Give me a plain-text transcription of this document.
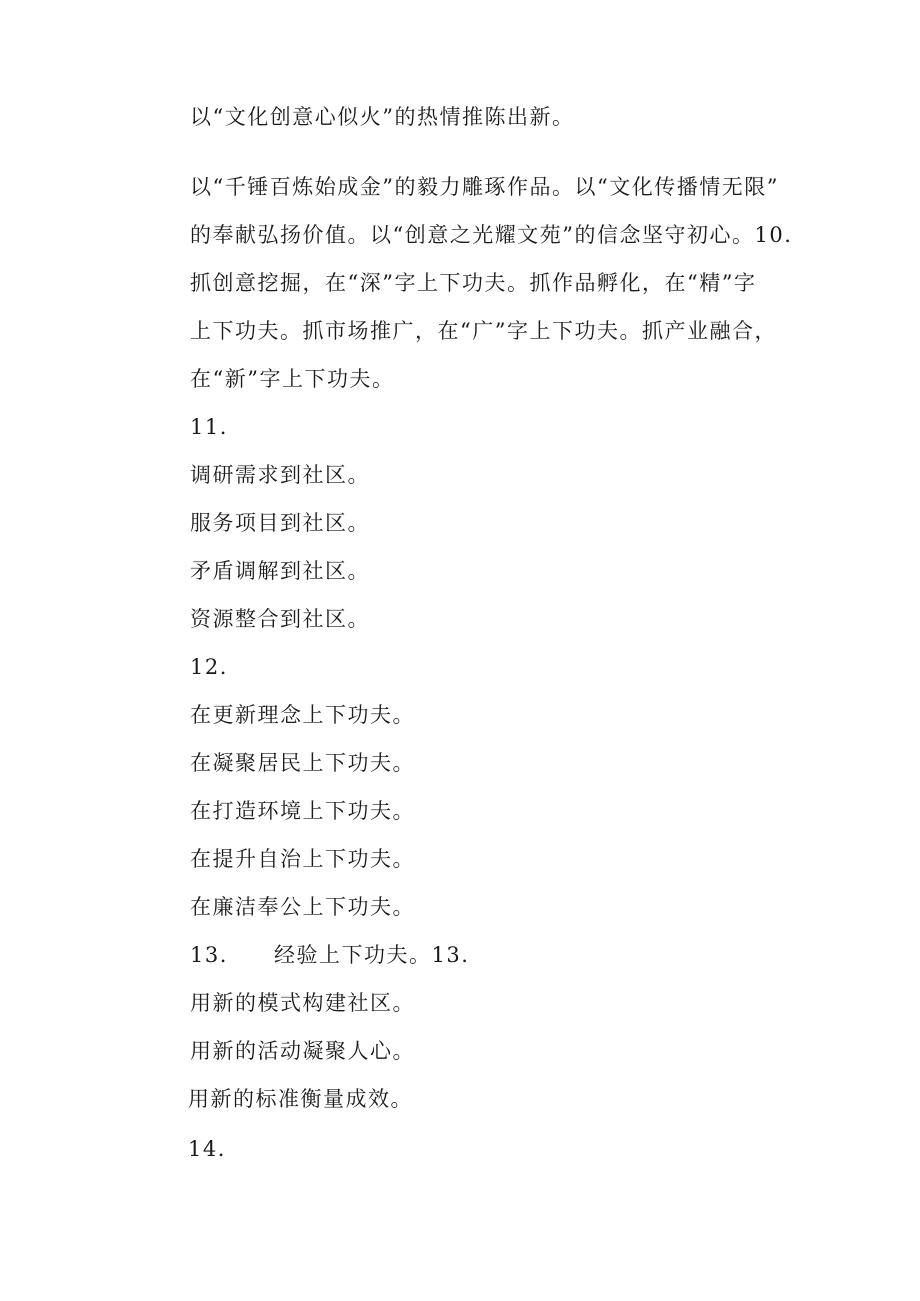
以“文化创意心似火”的热情推陈出新。
以“千锤百炼始成金”的毅力雕琢作品。以“文化传播情无限”
的奉献弘扬价值。以“创意之光耀文苑”的信念坚守初心。10.
抓创意挖掘，在“深”字上下功夫。抓作品孵化，在“精”字
上下功夫。抓市场推广，在“广”字上下功夫。抓产业融合，
在“新”字上下功夫。
11.
调研需求到社区。
服务项目到社区。
矛盾调解到社区。
资源整合到社区。
12.
在更新理念上下功夫。
在凝聚居民上下功夫。
在打造环境上下功夫。
在提升自治上下功夫。
在廉洁奉公上下功夫。
13. 经验上下功夫。13.
用新的模式构建社区。
用新的活动凝聚人心。
用新的标准衡量成效。
14.
